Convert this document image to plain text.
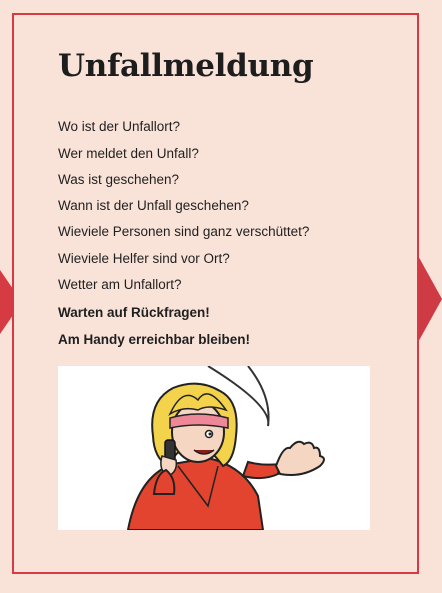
Unfallmeldung

Wo ist der Unfallort?

Wer meldet den Unfall?

Was ist geschehen?

Wann ist der Unfall geschehen?

Wieviele Personen sind ganz verschüttet?

Wieviele Helfer sind vor Ort?

Wetter am Unfallort?

Warten auf Rückfragen!

Am Handy erreichbar bleiben!
